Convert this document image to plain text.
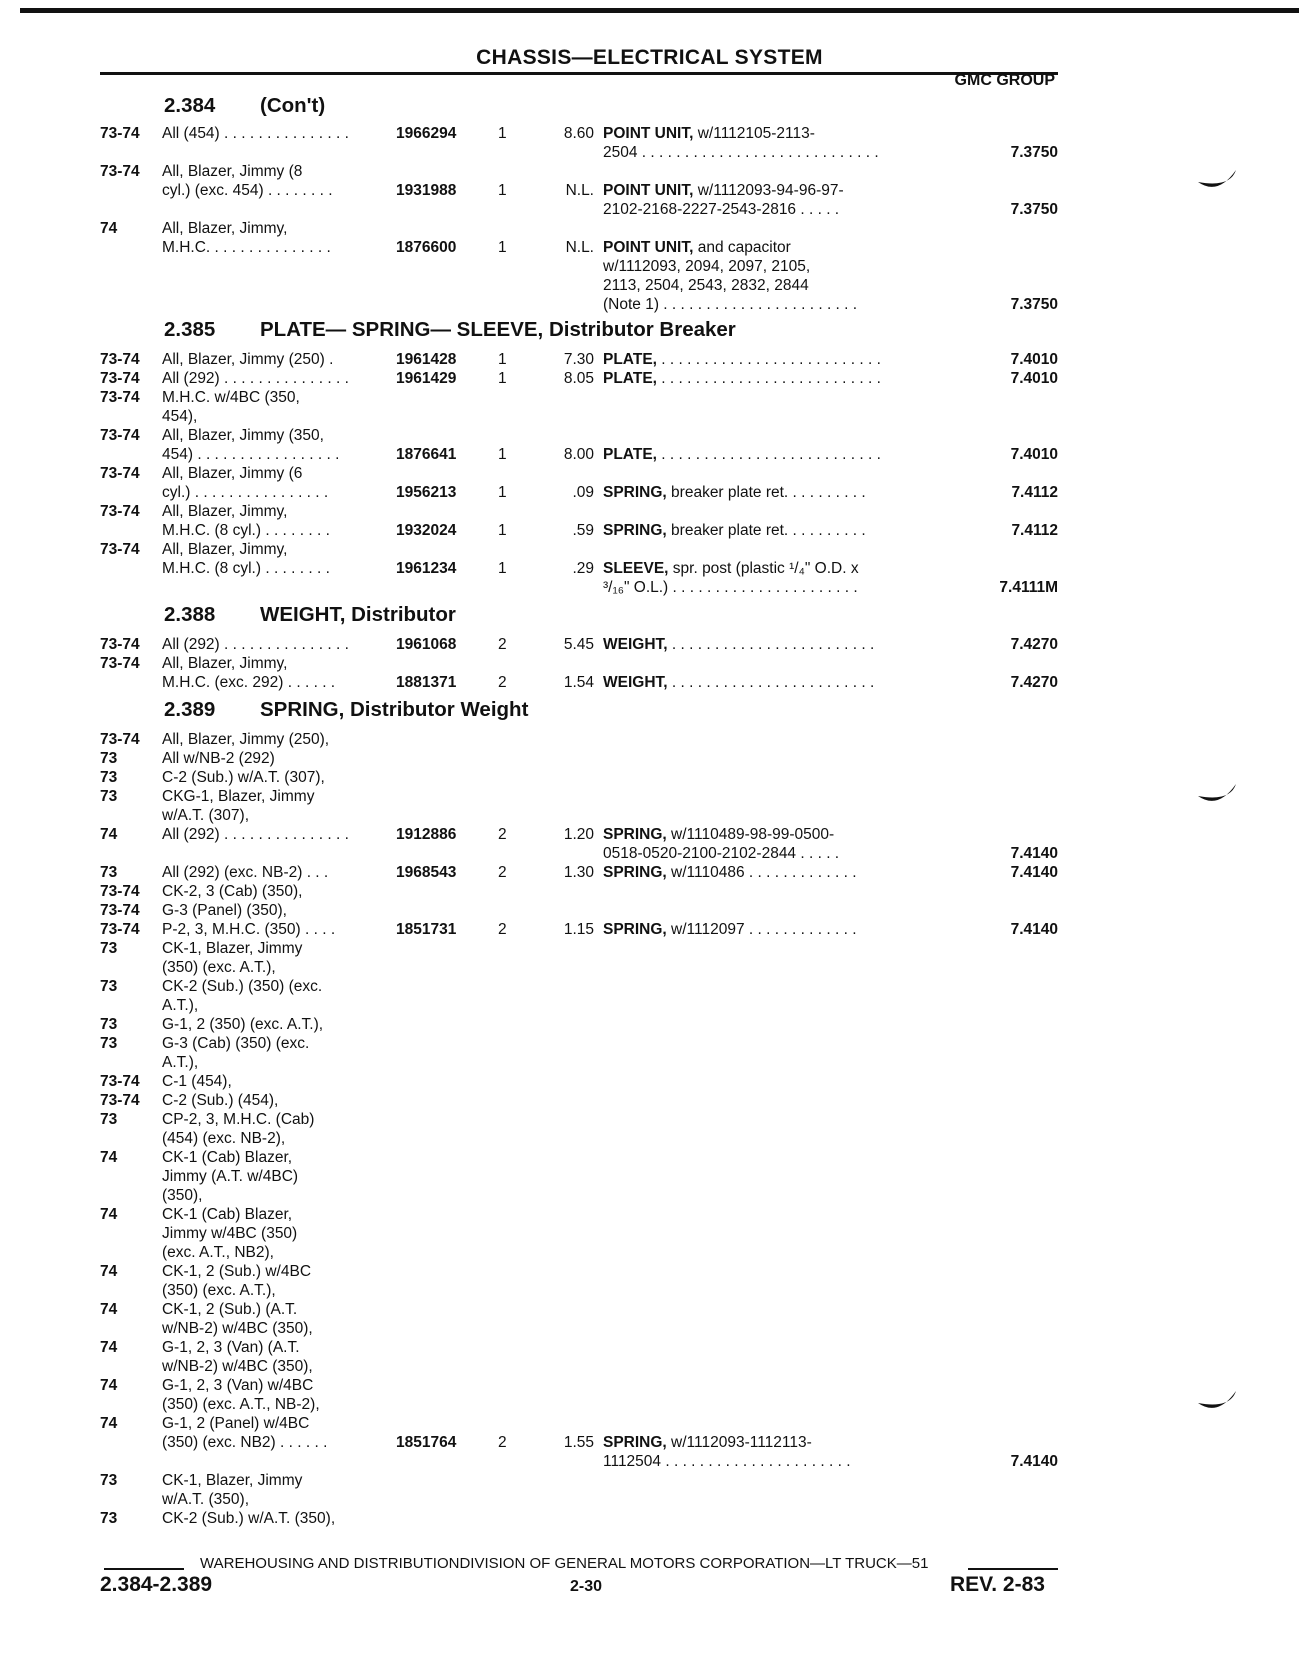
CHASSIS—ELECTRICAL SYSTEM
GMC GROUP
2.384 (Con't)
2.385 PLATE— SPRING— SLEEVE, Distributor Breaker
2.388 WEIGHT, Distributor
2.389 SPRING, Distributor Weight
73-74	All (454) . . . . . . . . . . . . . . .	1966294	1	8.60 POINT UNIT, w/1112105-2113-
2504 . . . . . . . . . . . . . . . . . . . . . . . . . . . .	7.3750
73-74	All, Blazer, Jimmy (8
cyl.) (exc. 454) . . . . . . . .	1931988	1	N.L. POINT UNIT, w/1112093-94-96-97-
2102-2168-2227-2543-2816 . . . . .	7.3750
74	All, Blazer, Jimmy,
M.H.C. . . . . . . . . . . . . . .	1876600	1	N.L. POINT UNIT, and capacitor
w/1112093, 2094, 2097, 2105,
2113, 2504, 2543, 2832, 2844
(Note 1) . . . . . . . . . . . . . . . . . . . . . . .	7.3750
73-74	All, Blazer, Jimmy (250) .	1961428	1	7.30 PLATE, . . . . . . . . . . . . . . . . . . . . . . . . . .	7.4010
73-74	All (292) . . . . . . . . . . . . . . .	1961429	1	8.05 PLATE, . . . . . . . . . . . . . . . . . . . . . . . . . .	7.4010
73-74	M.H.C. w/4BC (350,
454),
73-74	All, Blazer, Jimmy (350,
454) . . . . . . . . . . . . . . . . .	1876641	1	8.00 PLATE, . . . . . . . . . . . . . . . . . . . . . . . . . .	7.4010
73-74	All, Blazer, Jimmy (6
cyl.) . . . . . . . . . . . . . . . .	1956213	1	.09 SPRING, breaker plate ret. . . . . . . . . .	7.4112
73-74	All, Blazer, Jimmy,
M.H.C. (8 cyl.) . . . . . . . .	1932024	1	.59 SPRING, breaker plate ret. . . . . . . . . .	7.4112
73-74	All, Blazer, Jimmy,
M.H.C. (8 cyl.) . . . . . . . .	1961234	1	.29 SLEEVE, spr. post (plastic ¹/₄" O.D. x
³/₁₆" O.L.) . . . . . . . . . . . . . . . . . . . . . .	7.4111M
73-74	All (292) . . . . . . . . . . . . . . .	1961068	2	5.45 WEIGHT, . . . . . . . . . . . . . . . . . . . . . . . .	7.4270
73-74	All, Blazer, Jimmy,
M.H.C. (exc. 292) . . . . . .	1881371	2	1.54 WEIGHT, . . . . . . . . . . . . . . . . . . . . . . . .	7.4270
73-74	All, Blazer, Jimmy (250),
73	All w/NB-2 (292)
73	C-2 (Sub.) w/A.T. (307),
73	CKG-1, Blazer, Jimmy
w/A.T. (307),
74	All (292) . . . . . . . . . . . . . . .	1912886	2	1.20 SPRING, w/1110489-98-99-0500-
0518-0520-2100-2102-2844 . . . . .	7.4140
73	All (292) (exc. NB-2) . . .	1968543	2	1.30 SPRING, w/1110486 . . . . . . . . . . . . .	7.4140
73-74	CK-2, 3 (Cab) (350),
73-74	G-3 (Panel) (350),
73-74	P-2, 3, M.H.C. (350) . . . .	1851731	2	1.15 SPRING, w/1112097 . . . . . . . . . . . . .	7.4140
73	CK-1, Blazer, Jimmy
(350) (exc. A.T.),
73	CK-2 (Sub.) (350) (exc.
A.T.),
73	G-1, 2 (350) (exc. A.T.),
73	G-3 (Cab) (350) (exc.
A.T.),
73-74	C-1 (454),
73-74	C-2 (Sub.) (454),
73	CP-2, 3, M.H.C. (Cab)
(454) (exc. NB-2),
74	CK-1 (Cab) Blazer,
Jimmy (A.T. w/4BC)
(350),
74	CK-1 (Cab) Blazer,
Jimmy w/4BC (350)
(exc. A.T., NB2),
74	CK-1, 2 (Sub.) w/4BC
(350) (exc. A.T.),
74	CK-1, 2 (Sub.) (A.T.
w/NB-2) w/4BC (350),
74	G-1, 2, 3 (Van) (A.T.
w/NB-2) w/4BC (350),
74	G-1, 2, 3 (Van) w/4BC
(350) (exc. A.T., NB-2),
74	G-1, 2 (Panel) w/4BC
(350) (exc. NB2) . . . . . .	1851764	2	1.55 SPRING, w/1112093-1112113-
1112504 . . . . . . . . . . . . . . . . . . . . . .	7.4140
73	CK-1, Blazer, Jimmy
w/A.T. (350),
73	CK-2 (Sub.) w/A.T. (350),
WAREHOUSING AND DISTRIBUTIONDIVISION OF GENERAL MOTORS CORPORATION—LT TRUCK—51
2.384-2.389	2-30	REV. 2-83
